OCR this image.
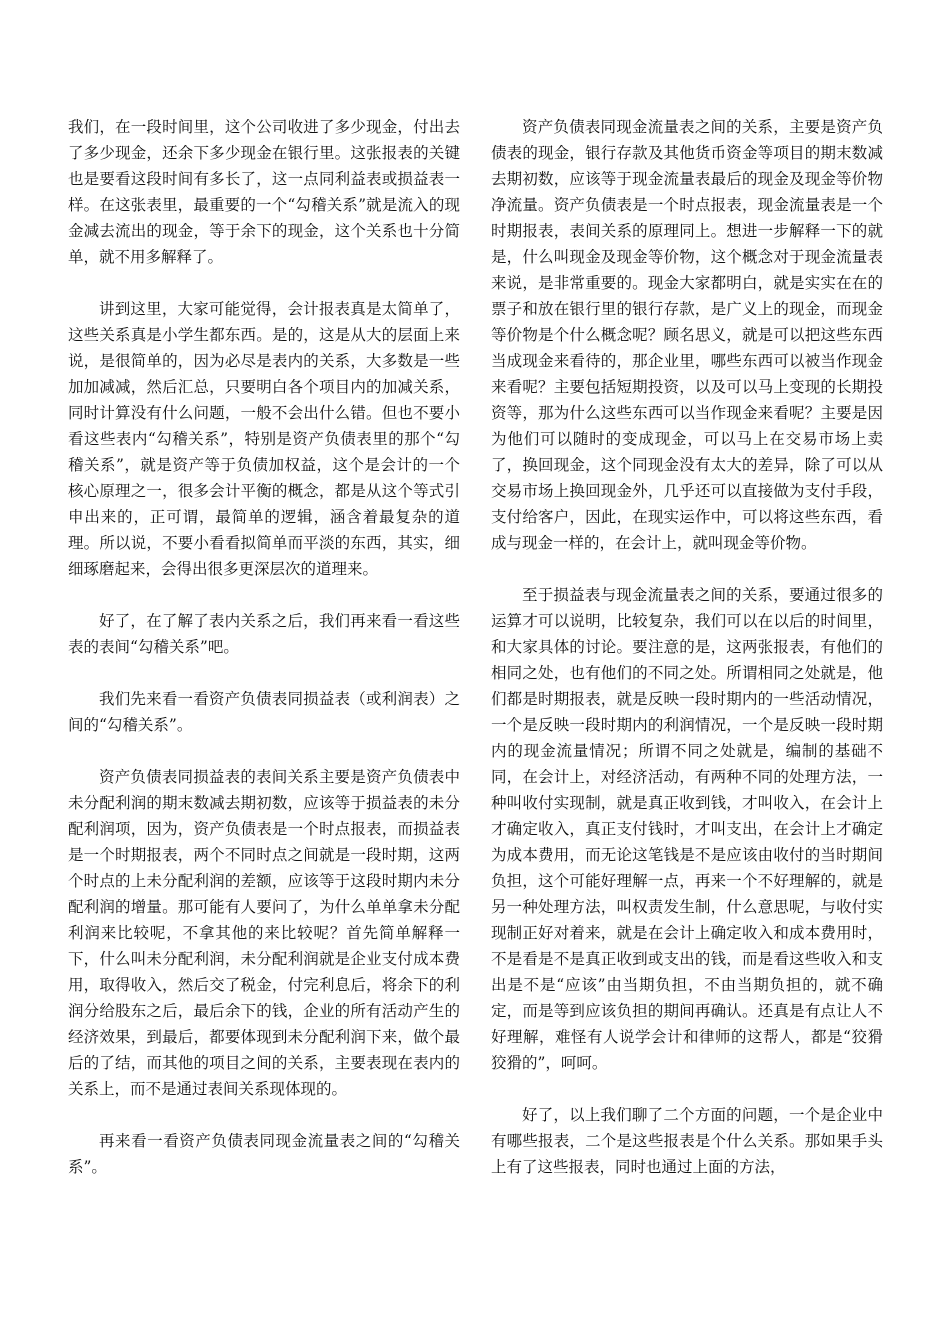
我们，在一段时间里，这个公司收进了多少现金，付出去了多少现金，还余下多少现金在银行里。这张报表的关键也是要看这段时间有多长了，这一点同利益表或损益表一样。在这张表里，最重要的一个“勾稽关系”就是流入的现金减去流出的现金，等于余下的现金，这个关系也十分简单，就不用多解释了。

讲到这里，大家可能觉得，会计报表真是太简单了，这些关系真是小学生都东西。是的，这是从大的层面上来说，是很简单的，因为必尽是表内的关系，大多数是一些加加减减，然后汇总，只要明白各个项目内的加减关系，同时计算没有什么问题，一般不会出什么错。但也不要小看这些表内“勾稽关系”，特别是资产负债表里的那个“勾稽关系”，就是资产等于负债加权益，这个是会计的一个核心原理之一，很多会计平衡的概念，都是从这个等式引申出来的，正可谓，最简单的逻辑，涵含着最复杂的道理。所以说，不要小看看拟简单而平淡的东西，其实，细细琢磨起来，会得出很多更深层次的道理来。

好了，在了解了表内关系之后，我们再来看一看这些表的表间“勾稽关系”吧。

我们先来看一看资产负债表同损益表（或利润表）之间的“勾稽关系”。

资产负债表同损益表的表间关系主要是资产负债表中未分配利润的期末数减去期初数，应该等于损益表的未分配利润项，因为，资产负债表是一个时点报表，而损益表是一个时期报表，两个不同时点之间就是一段时期，这两个时点的上未分配利润的差额，应该等于这段时期内未分配利润的增量。那可能有人要问了，为什么单单拿未分配利润来比较呢，不拿其他的来比较呢？首先简单解释一下，什么叫未分配利润，未分配利润就是企业支付成本费用，取得收入，然后交了税金，付完利息后，将余下的利润分给股东之后，最后余下的钱，企业的所有活动产生的经济效果，到最后，都要体现到未分配利润下来，做个最后的了结，而其他的项目之间的关系，主要表现在表内的关系上，而不是通过表间关系现体现的。

再来看一看资产负债表同现金流量表之间的“勾稽关系”。

资产负债表同现金流量表之间的关系，主要是资产负债表的现金，银行存款及其他货币资金等项目的期末数减去期初数，应该等于现金流量表最后的现金及现金等价物净流量。资产负债表是一个时点报表，现金流量表是一个时期报表，表间关系的原理同上。想进一步解释一下的就是，什么叫现金及现金等价物，这个概念对于现金流量表来说，是非常重要的。现金大家都明白，就是实实在在的票子和放在银行里的银行存款，是广义上的现金，而现金等价物是个什么概念呢？顾名思义，就是可以把这些东西当成现金来看待的，那企业里，哪些东西可以被当作现金来看呢？主要包括短期投资，以及可以马上变现的长期投资等，那为什么这些东西可以当作现金来看呢？主要是因为他们可以随时的变成现金，可以马上在交易市场上卖了，换回现金，这个同现金没有太大的差异，除了可以从交易市场上换回现金外，几乎还可以直接做为支付手段，支付给客户，因此，在现实运作中，可以将这些东西，看成与现金一样的，在会计上，就叫现金等价物。

至于损益表与现金流量表之间的关系，要通过很多的运算才可以说明，比较复杂，我们可以在以后的时间里，和大家具体的讨论。要注意的是，这两张报表，有他们的相同之处，也有他们的不同之处。所谓相同之处就是，他们都是时期报表，就是反映一段时期内的一些活动情况，一个是反映一段时期内的利润情况，一个是反映一段时期内的现金流量情况；所谓不同之处就是，编制的基础不同，在会计上，对经济活动，有两种不同的处理方法，一种叫收付实现制，就是真正收到钱，才叫收入，在会计上才确定收入，真正支付钱时，才叫支出，在会计上才确定为成本费用，而无论这笔钱是不是应该由收付的当时期间负担，这个可能好理解一点，再来一个不好理解的，就是另一种处理方法，叫权责发生制，什么意思呢，与收付实现制正好对着来，就是在会计上确定收入和成本费用时，不是看是不是真正收到或支出的钱，而是看这些收入和支出是不是“应该”由当期负担，不由当期负担的，就不确定，而是等到应该负担的期间再确认。还真是有点让人不好理解，难怪有人说学会计和律师的这帮人，都是“狡猾狡猾的”，呵呵。

好了，以上我们聊了二个方面的问题，一个是企业中有哪些报表，二个是这些报表是个什么关系。那如果手头上有了这些报表，同时也通过上面的方法，
